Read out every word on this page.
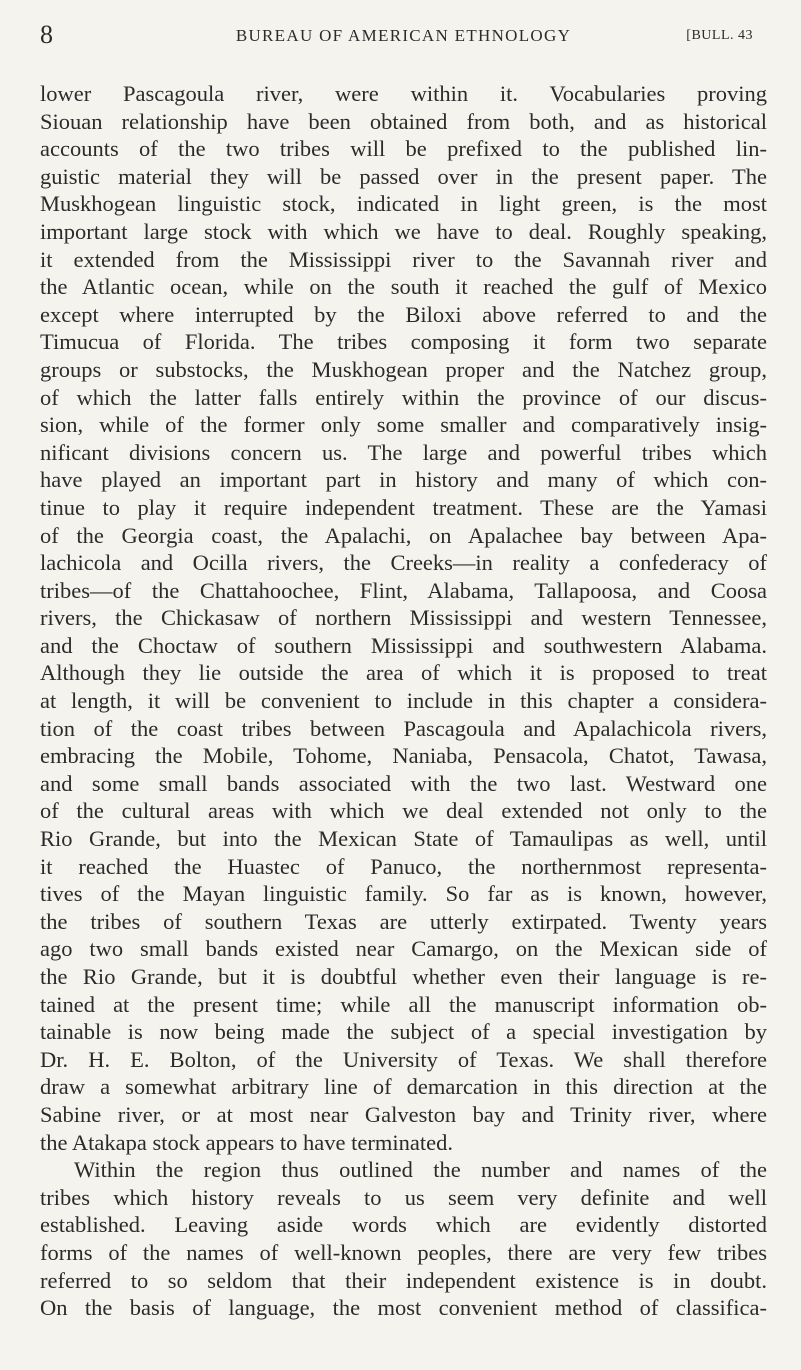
8	BUREAU OF AMERICAN ETHNOLOGY	[BULL. 43
lower Pascagoula river, were within it. Vocabularies proving
Siouan relationship have been obtained from both, and as historical
accounts of the two tribes will be prefixed to the published lin-
guistic material they will be passed over in the present paper. The
Muskhogean linguistic stock, indicated in light green, is the most
important large stock with which we have to deal. Roughly speaking,
it extended from the Mississippi river to the Savannah river and
the Atlantic ocean, while on the south it reached the gulf of Mexico
except where interrupted by the Biloxi above referred to and the
Timucua of Florida. The tribes composing it form two separate
groups or substocks, the Muskhogean proper and the Natchez group,
of which the latter falls entirely within the province of our discus-
sion, while of the former only some smaller and comparatively insig-
nificant divisions concern us. The large and powerful tribes which
have played an important part in history and many of which con-
tinue to play it require independent treatment. These are the Yamasi
of the Georgia coast, the Apalachi, on Apalachee bay between Apa-
lachicola and Ocilla rivers, the Creeks—in reality a confederacy of
tribes—of the Chattahoochee, Flint, Alabama, Tallapoosa, and Coosa
rivers, the Chickasaw of northern Mississippi and western Tennessee,
and the Choctaw of southern Mississippi and southwestern Alabama.
Although they lie outside the area of which it is proposed to treat
at length, it will be convenient to include in this chapter a considera-
tion of the coast tribes between Pascagoula and Apalachicola rivers,
embracing the Mobile, Tohome, Naniaba, Pensacola, Chatot, Tawasa,
and some small bands associated with the two last. Westward one
of the cultural areas with which we deal extended not only to the
Rio Grande, but into the Mexican State of Tamaulipas as well, until
it reached the Huastec of Panuco, the northernmost representa-
tives of the Mayan linguistic family. So far as is known, however,
the tribes of southern Texas are utterly extirpated. Twenty years
ago two small bands existed near Camargo, on the Mexican side of
the Rio Grande, but it is doubtful whether even their language is re-
tained at the present time; while all the manuscript information ob-
tainable is now being made the subject of a special investigation by
Dr. H. E. Bolton, of the University of Texas. We shall therefore
draw a somewhat arbitrary line of demarcation in this direction at the
Sabine river, or at most near Galveston bay and Trinity river, where
the Atakapa stock appears to have terminated.
Within the region thus outlined the number and names of the
tribes which history reveals to us seem very definite and well
established. Leaving aside words which are evidently distorted
forms of the names of well-known peoples, there are very few tribes
referred to so seldom that their independent existence is in doubt.
On the basis of language, the most convenient method of classifica-
